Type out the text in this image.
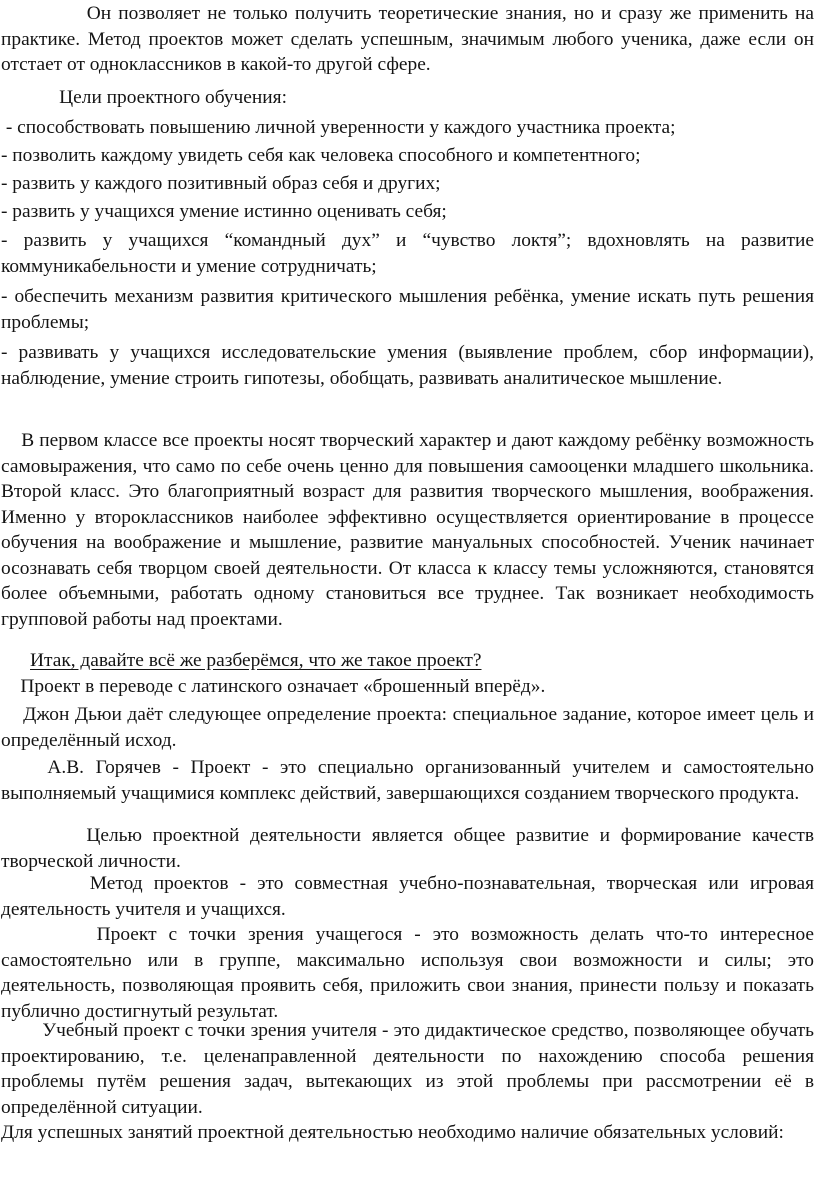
Он позволяет не только получить теоретические знания, но и сразу же применить на практике. Метод проектов может сделать успешным, значимым любого ученика, даже если он отстает от одноклассников в какой-то другой сфере.

Цели проектного обучения:

- способствовать повышению личной уверенности у каждого участника проекта;

- позволить каждому увидеть себя как человека способного и компетентного;

- развить у каждого позитивный образ себя и других;

- развить у учащихся умение истинно оценивать себя;

- развить у учащихся “командный дух” и “чувство локтя”; вдохновлять на развитие коммуникабельности и умение сотрудничать;

- обеспечить механизм развития критического мышления ребёнка, умение искать путь решения проблемы;

- развивать у учащихся исследовательские умения (выявление проблем, сбор информации), наблюдение, умение строить гипотезы, обобщать, развивать аналитическое мышление.

В первом классе все проекты носят творческий характер и дают каждому ребёнку возможность самовыражения, что само по себе очень ценно для повышения самооценки младшего школьника. Второй класс. Это благоприятный возраст для развития творческого мышления, воображения. Именно у второклассников наиболее эффективно осуществляется ориентирование в процессе обучения на воображение и мышление, развитие мануальных способностей. Ученик начинает осознавать себя творцом своей деятельности. От класса к классу темы усложняются, становятся более объемными, работать одному становиться все труднее. Так возникает необходимость групповой работы над проектами.

Итак, давайте всё же разберёмся, что же такое проект?

Проект в переводе с латинского означает «брошенный вперёд».

Джон Дьюи даёт следующее определение проекта: специальное задание, которое имеет цель и определённый исход.

А.В. Горячев - Проект - это специально организованный учителем и самостоятельно выполняемый учащимися комплекс действий, завершающихся созданием творческого продукта.

Целью проектной деятельности является общее развитие и формирование качеств творческой личности.

Метод проектов - это совместная учебно-познавательная, творческая или игровая деятельность учителя и учащихся.

Проект с точки зрения учащегося - это возможность делать что-то интересное самостоятельно или в группе, максимально используя свои возможности и силы; это деятельность, позволяющая проявить себя, приложить свои знания, принести пользу и показать публично достигнутый результат.

Учебный проект с точки зрения учителя - это дидактическое средство, позволяющее обучать проектированию, т.е. целенаправленной деятельности по нахождению способа решения проблемы путём решения задач, вытекающих из этой проблемы при рассмотрении её в определённой ситуации.

Для успешных занятий проектной деятельностью необходимо наличие обязательных условий:
